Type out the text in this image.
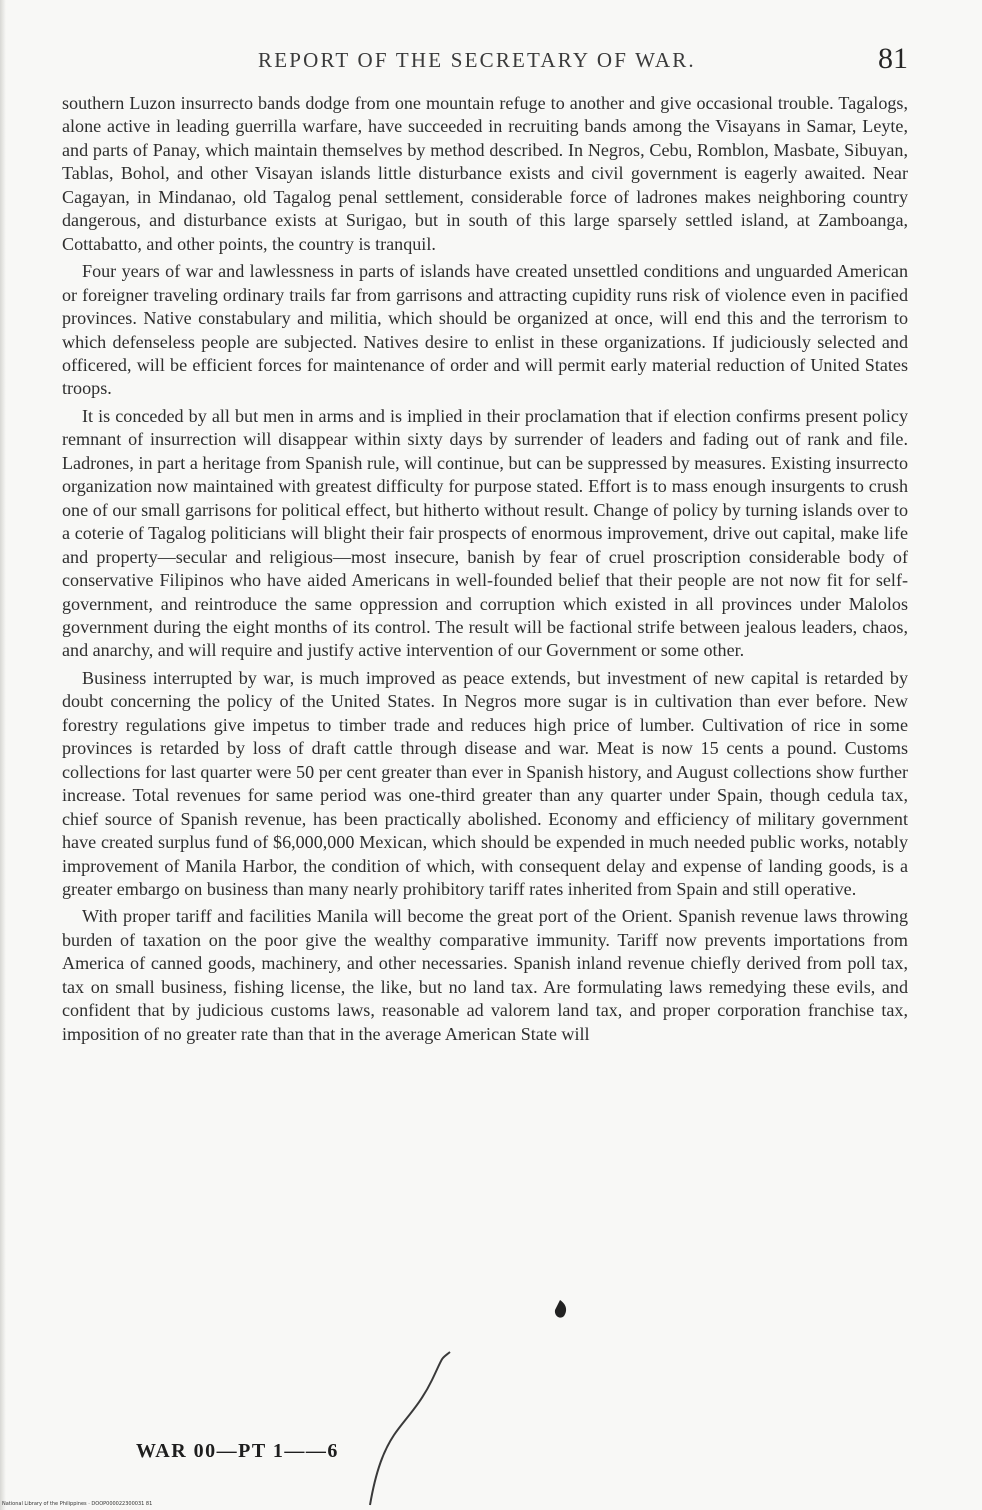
REPORT OF THE SECRETARY OF WAR.	81

southern Luzon insurrecto bands dodge from one mountain refuge to another and give occasional trouble. Tagalogs, alone active in leading guerrilla warfare, have succeeded in recruiting bands among the Visayans in Samar, Leyte, and parts of Panay, which maintain themselves by method described. In Negros, Cebu, Romblon, Masbate, Sibuyan, Tablas, Bohol, and other Visayan islands little disturbance exists and civil government is eagerly awaited. Near Cagayan, in Mindanao, old Tagalog penal settlement, considerable force of ladrones makes neighboring country dangerous, and disturbance exists at Surigao, but in south of this large sparsely settled island, at Zamboanga, Cottabatto, and other points, the country is tranquil.

Four years of war and lawlessness in parts of islands have created unsettled conditions and unguarded American or foreigner traveling ordinary trails far from garrisons and attracting cupidity runs risk of violence even in pacified provinces. Native constabulary and militia, which should be organized at once, will end this and the terrorism to which defenseless people are subjected. Natives desire to enlist in these organizations. If judiciously selected and officered, will be efficient forces for maintenance of order and will permit early material reduction of United States troops.

It is conceded by all but men in arms and is implied in their proclamation that if election confirms present policy remnant of insurrection will disappear within sixty days by surrender of leaders and fading out of rank and file. Ladrones, in part a heritage from Spanish rule, will continue, but can be suppressed by measures. Existing insurrecto organization now maintained with greatest difficulty for purpose stated. Effort is to mass enough insurgents to crush one of our small garrisons for political effect, but hitherto without result. Change of policy by turning islands over to a coterie of Tagalog politicians will blight their fair prospects of enormous improvement, drive out capital, make life and property—secular and religious—most insecure, banish by fear of cruel proscription considerable body of conservative Filipinos who have aided Americans in well-founded belief that their people are not now fit for self-government, and reintroduce the same oppression and corruption which existed in all provinces under Malolos government during the eight months of its control. The result will be factional strife between jealous leaders, chaos, and anarchy, and will require and justify active intervention of our Government or some other.

Business interrupted by war, is much improved as peace extends, but investment of new capital is retarded by doubt concerning the policy of the United States. In Negros more sugar is in cultivation than ever before. New forestry regulations give impetus to timber trade and reduces high price of lumber. Cultivation of rice in some provinces is retarded by loss of draft cattle through disease and war. Meat is now 15 cents a pound. Customs collections for last quarter were 50 per cent greater than ever in Spanish history, and August collections show further increase. Total revenues for same period was one-third greater than any quarter under Spain, though cedula tax, chief source of Spanish revenue, has been practically abolished. Economy and efficiency of military government have created surplus fund of $6,000,000 Mexican, which should be expended in much needed public works, notably improvement of Manila Harbor, the condition of which, with consequent delay and expense of landing goods, is a greater embargo on business than many nearly prohibitory tariff rates inherited from Spain and still operative.

With proper tariff and facilities Manila will become the great port of the Orient. Spanish revenue laws throwing burden of taxation on the poor give the wealthy comparative immunity. Tariff now prevents importations from America of canned goods, machinery, and other necessaries. Spanish inland revenue chiefly derived from poll tax, tax on small business, fishing license, the like, but no land tax. Are formulating laws remedying these evils, and confident that by judicious customs laws, reasonable ad valorem land tax, and proper corporation franchise tax, imposition of no greater rate than that in the average American State will

WAR 00—PT 1——6
National Library of the Philippines · DOOP000022300031 81
